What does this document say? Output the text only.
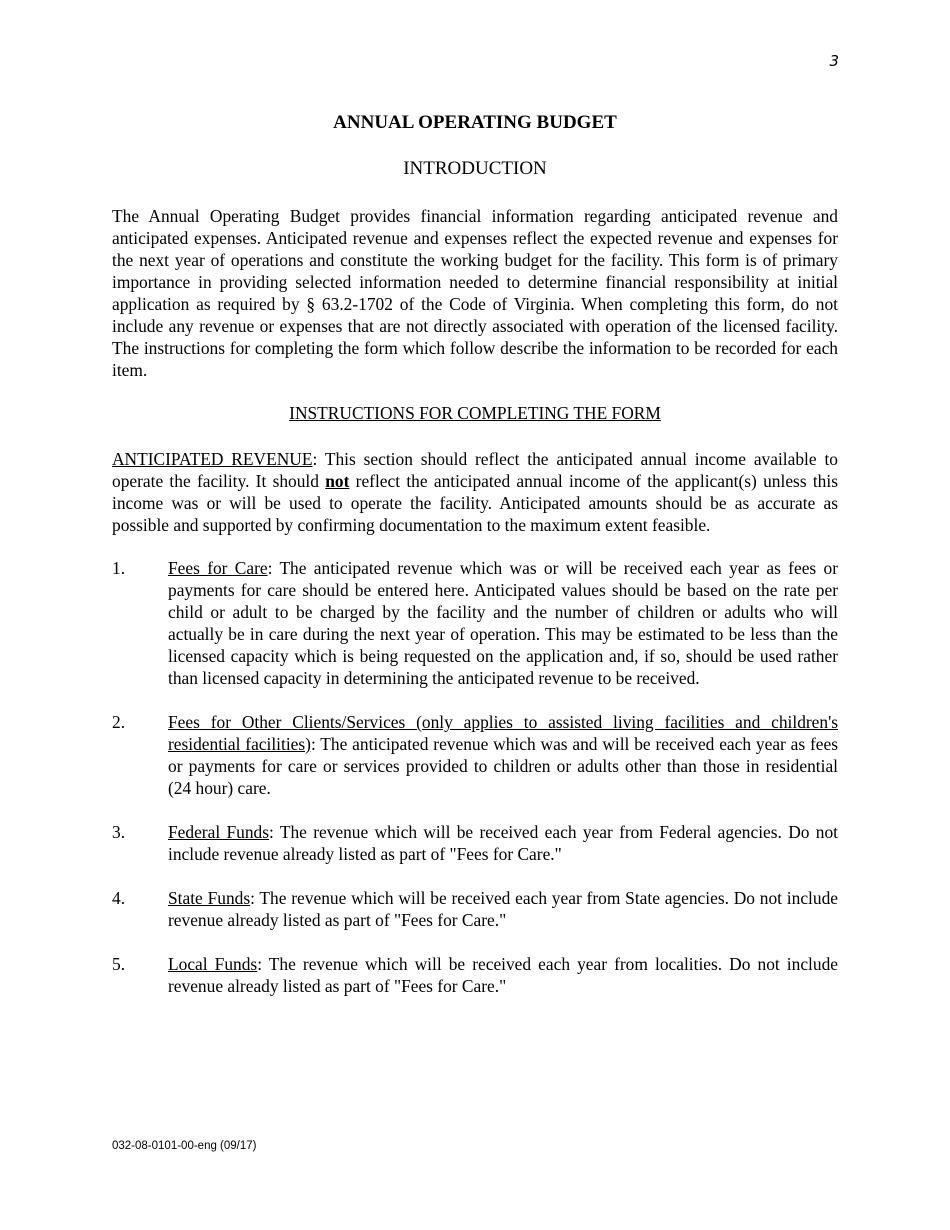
3
ANNUAL OPERATING BUDGET
INTRODUCTION

The Annual Operating Budget provides financial information regarding anticipated revenue and anticipated expenses. Anticipated revenue and expenses reflect the expected revenue and expenses for the next year of operations and constitute the working budget for the facility. This form is of primary importance in providing selected information needed to determine financial responsibility at initial application as required by § 63.2-1702 of the Code of Virginia. When completing this form, do not include any revenue or expenses that are not directly associated with operation of the licensed facility. The instructions for completing the form which follow describe the information to be recorded for each item.

INSTRUCTIONS FOR COMPLETING THE FORM

ANTICIPATED REVENUE: This section should reflect the anticipated annual income available to operate the facility. It should not reflect the anticipated annual income of the applicant(s) unless this income was or will be used to operate the facility. Anticipated amounts should be as accurate as possible and supported by confirming documentation to the maximum extent feasible.

1.	Fees for Care: The anticipated revenue which was or will be received each year as fees or payments for care should be entered here. Anticipated values should be based on the rate per child or adult to be charged by the facility and the number of children or adults who will actually be in care during the next year of operation. This may be estimated to be less than the licensed capacity which is being requested on the application and, if so, should be used rather than licensed capacity in determining the anticipated revenue to be received.
2.	Fees for Other Clients/Services (only applies to assisted living facilities and children's residential facilities): The anticipated revenue which was and will be received each year as fees or payments for care or services provided to children or adults other than those in residential (24 hour) care.
3.	Federal Funds: The revenue which will be received each year from Federal agencies. Do not include revenue already listed as part of "Fees for Care."
4.	State Funds: The revenue which will be received each year from State agencies. Do not include revenue already listed as part of "Fees for Care."
5.	Local Funds: The revenue which will be received each year from localities. Do not include revenue already listed as part of "Fees for Care."
032-08-0101-00-eng (09/17)
